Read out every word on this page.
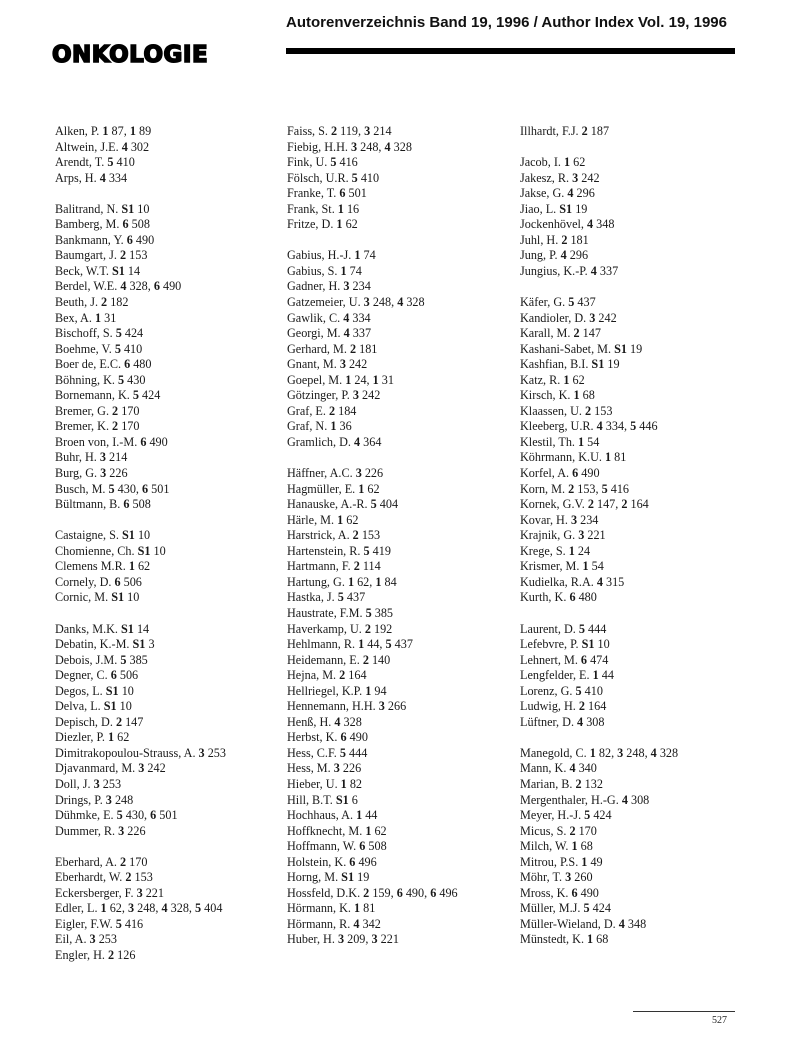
Autorenverzeichnis Band 19, 1996 / Author Index Vol. 19, 1996
ONKOLOGIE
Alken, P. 1 87, 1 89
Altwein, J.E. 4 302
Arendt, T. 5 410
Arps, H. 4 334
Balitrand, N. S1 10
Bamberg, M. 6 508
Bankmann, Y. 6 490
Baumgart, J. 2 153
Beck, W.T. S1 14
Berdel, W.E. 4 328, 6 490
Beuth, J. 2 182
Bex, A. 1 31
Bischoff, S. 5 424
Boehme, V. 5 410
Boer de, E.C. 6 480
Böhning, K. 5 430
Bornemann, K. 5 424
Bremer, G. 2 170
Bremer, K. 2 170
Broen von, I.-M. 6 490
Buhr, H. 3 214
Burg, G. 3 226
Busch, M. 5 430, 6 501
Bültmann, B. 6 508
Castaigne, S. S1 10
Chomienne, Ch. S1 10
Clemens M.R. 1 62
Cornely, D. 6 506
Cornic, M. S1 10
Danks, M.K. S1 14
Debatin, K.-M. S1 3
Debois, J.M. 5 385
Degner, C. 6 506
Degos, L. S1 10
Delva, L. S1 10
Depisch, D. 2 147
Diezler, P. 1 62
Dimitrakopoulou-Strauss, A. 3 253
Djavanmard, M. 3 242
Doll, J. 3 253
Drings, P. 3 248
Dühmke, E. 5 430, 6 501
Dummer, R. 3 226
Eberhard, A. 2 170
Eberhardt, W. 2 153
Eckersberger, F. 3 221
Edler, L. 1 62, 3 248, 4 328, 5 404
Eigler, F.W. 5 416
Eil, A. 3 253
Engler, H. 2 126
Faiss, S. 2 119, 3 214
Fiebig, H.H. 3 248, 4 328
Fink, U. 5 416
Fölsch, U.R. 5 410
Franke, T. 6 501
Frank, St. 1 16
Fritze, D. 1 62
Gabius, H.-J. 1 74
Gabius, S. 1 74
Gadner, H. 3 234
Gatzemeier, U. 3 248, 4 328
Gawlik, C. 4 334
Georgi, M. 4 337
Gerhard, M. 2 181
Gnant, M. 3 242
Goepel, M. 1 24, 1 31
Götzinger, P. 3 242
Graf, E. 2 184
Graf, N. 1 36
Gramlich, D. 4 364
Häffner, A.C. 3 226
Hagmüller, E. 1 62
Hanauske, A.-R. 5 404
Härle, M. 1 62
Harstrick, A. 2 153
Hartenstein, R. 5 419
Hartmann, F. 2 114
Hartung, G. 1 62, 1 84
Hastka, J. 5 437
Haustrate, F.M. 5 385
Haverkamp, U. 2 192
Hehlmann, R. 1 44, 5 437
Heidemann, E. 2 140
Hejna, M. 2 164
Hellriegel, K.P. 1 94
Hennemann, H.H. 3 266
Henß, H. 4 328
Herbst, K. 6 490
Hess, C.F. 5 444
Hess, M. 3 226
Hieber, U. 1 82
Hill, B.T. S1 6
Hochhaus, A. 1 44
Hoffknecht, M. 1 62
Hoffmann, W. 6 508
Holstein, K. 6 496
Horng, M. S1 19
Hossfeld, D.K. 2 159, 6 490, 6 496
Hörmann, K. 1 81
Hörmann, R. 4 342
Huber, H. 3 209, 3 221
Illhardt, F.J. 2 187
Jacob, I. 1 62
Jakesz, R. 3 242
Jakse, G. 4 296
Jiao, L. S1 19
Jockenhövel, 4 348
Juhl, H. 2 181
Jung, P. 4 296
Jungius, K.-P. 4 337
Käfer, G. 5 437
Kandioler, D. 3 242
Karall, M. 2 147
Kashani-Sabet, M. S1 19
Kashfian, B.I. S1 19
Katz, R. 1 62
Kirsch, K. 1 68
Klaassen, U. 2 153
Kleeberg, U.R. 4 334, 5 446
Klestil, Th. 1 54
Köhrmann, K.U. 1 81
Korfel, A. 6 490
Korn, M. 2 153, 5 416
Kornek, G.V. 2 147, 2 164
Kovar, H. 3 234
Krajnik, G. 3 221
Krege, S. 1 24
Krismer, M. 1 54
Kudielka, R.A. 4 315
Kurth, K. 6 480
Laurent, D. 5 444
Lefebvre, P. S1 10
Lehnert, M. 6 474
Lengfelder, E. 1 44
Lorenz, G. 5 410
Ludwig, H. 2 164
Lüftner, D. 4 308
Manegold, C. 1 82, 3 248, 4 328
Mann, K. 4 340
Marian, B. 2 132
Mergenthaler, H.-G. 4 308
Meyer, H.-J. 5 424
Micus, S. 2 170
Milch, W. 1 68
Mitrou, P.S. 1 49
Möhr, T. 3 260
Mross, K. 6 490
Müller, M.J. 5 424
Müller-Wieland, D. 4 348
Münstedt, K. 1 68
527
